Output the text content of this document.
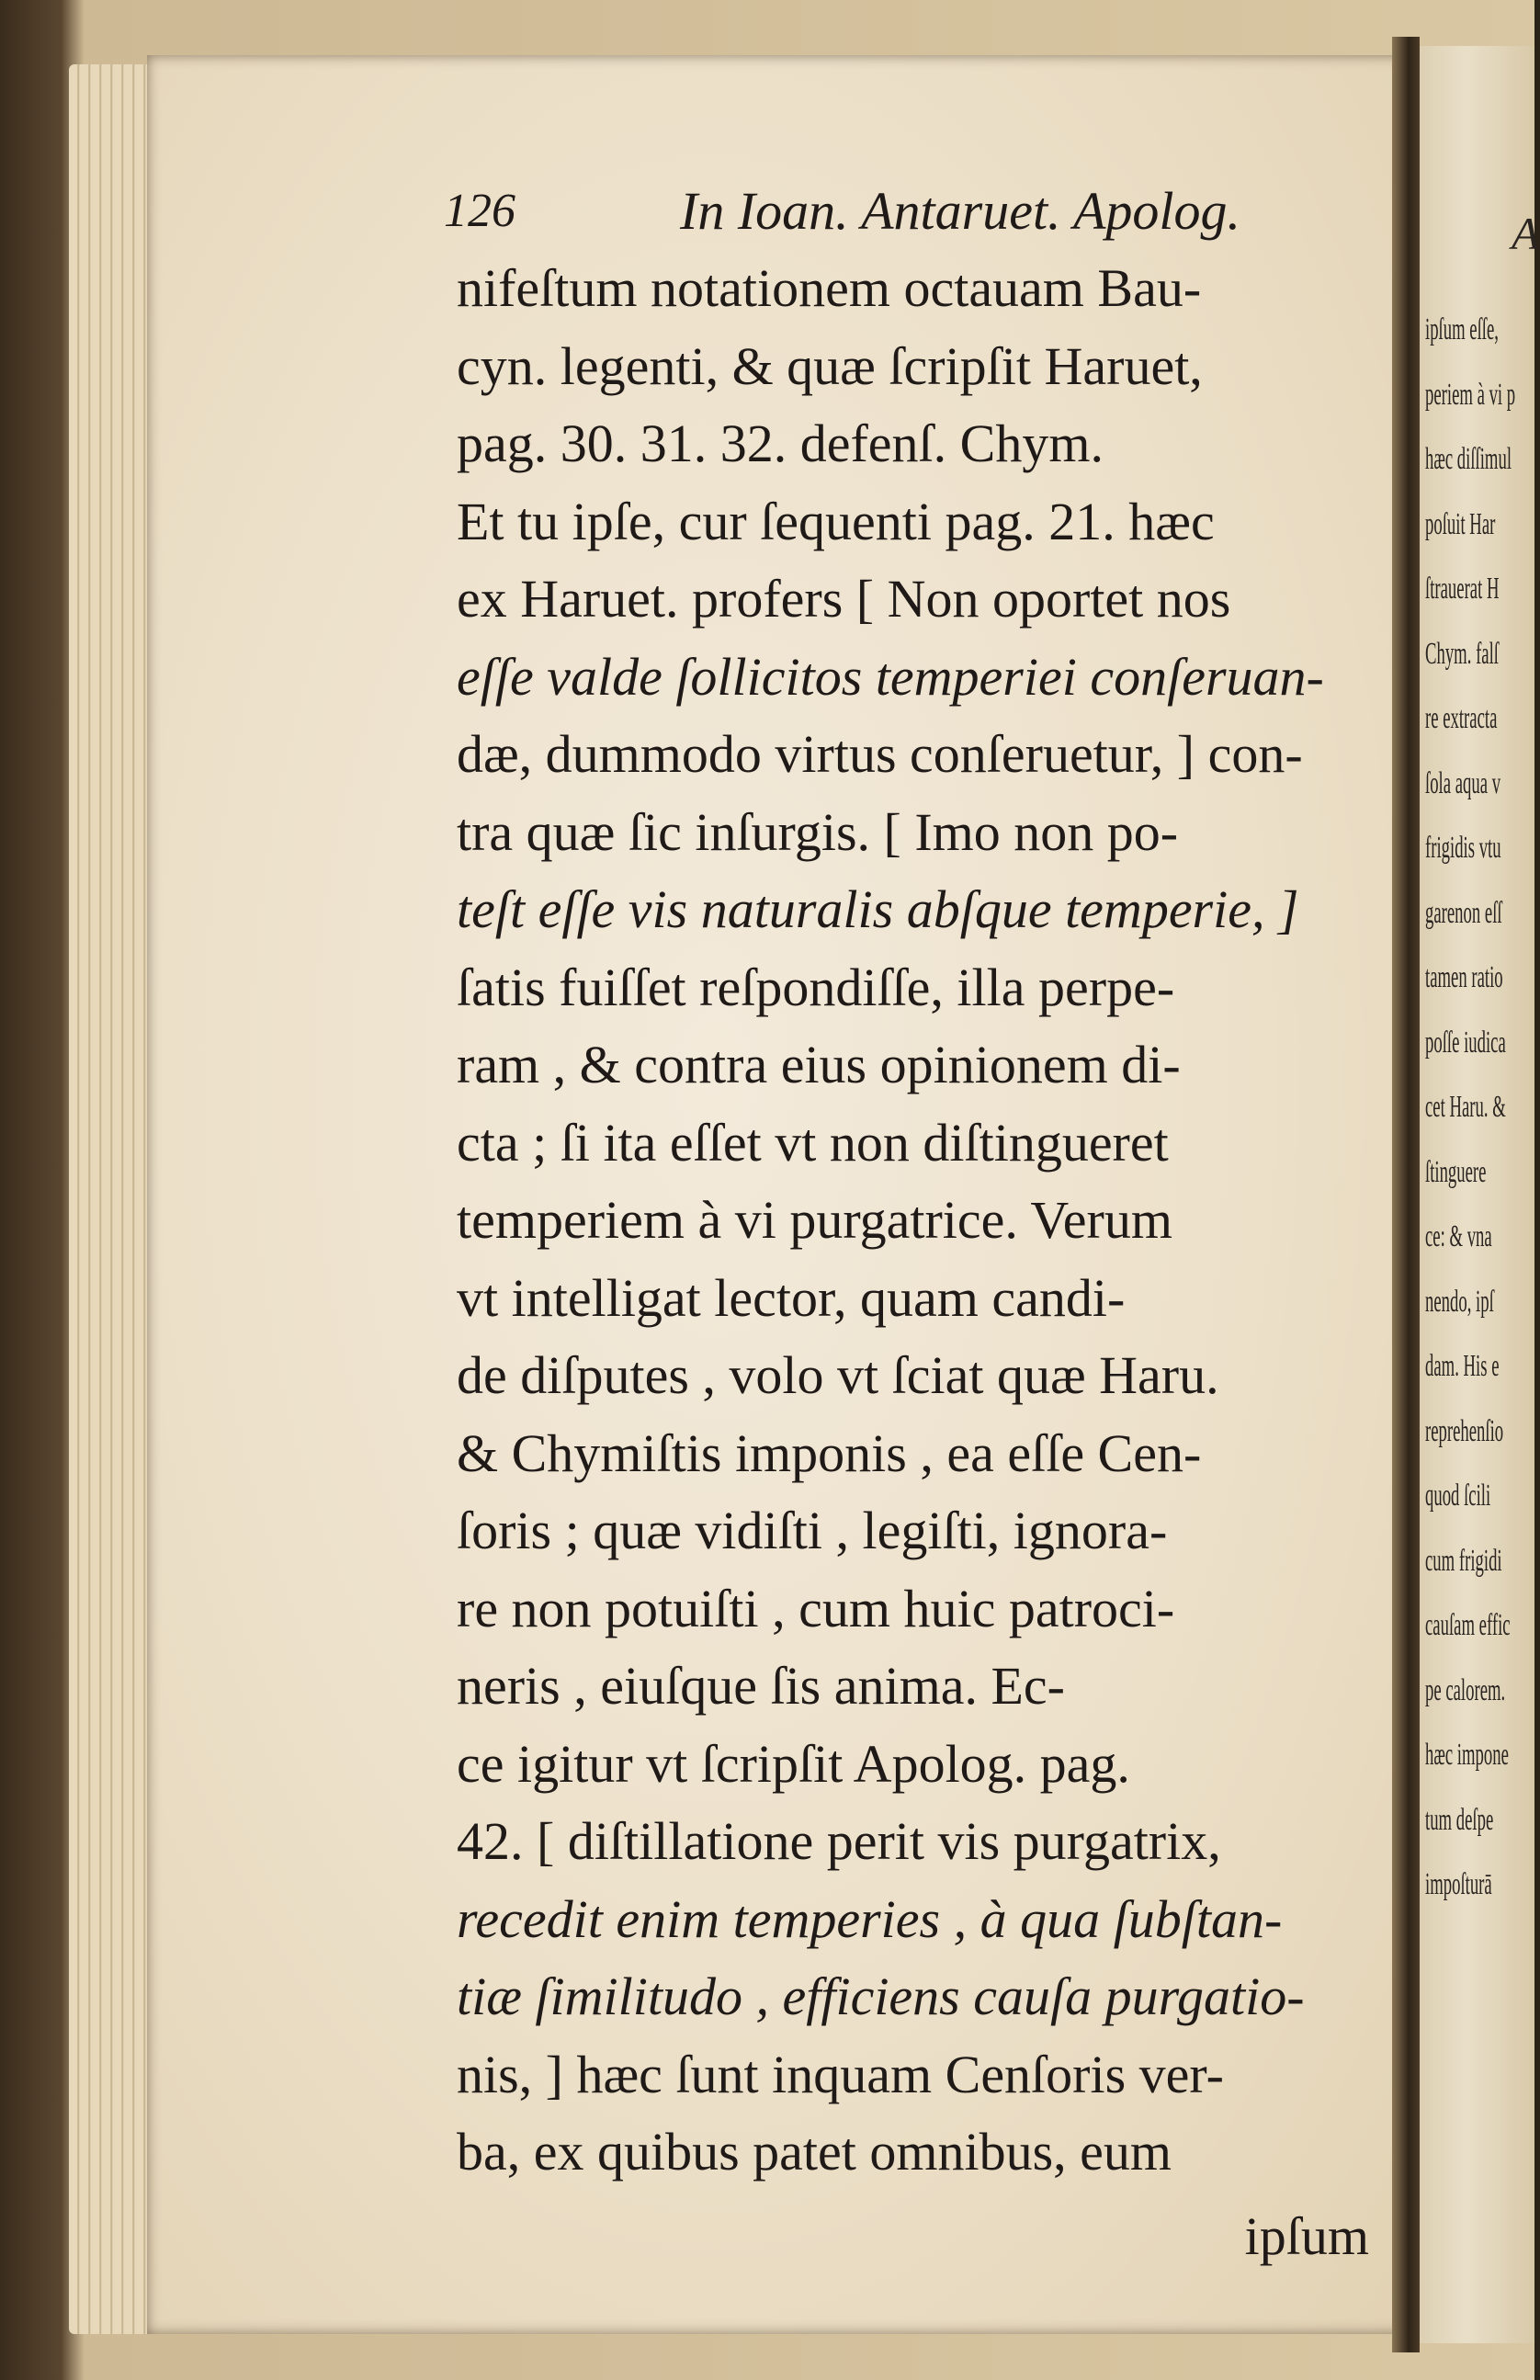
126	In Ioan. Antaruet. Apolog.
nifeſtum notationem octauam Bau-
cyn. legenti, & quæ ſcripſit Haruet,
pag. 30. 31. 32. defenſ. Chym.
Et tu ipſe, cur ſequenti pag. 21. hæc
ex Haruet. profers [ Non oportet nos
eſſe valde ſollicitos temperiei conſeruan-
dæ, dummodo virtus conſeruetur, ] con-
tra quæ ſic inſurgis. [ Imo non po-
teſt eſſe vis naturalis abſque temperie, ]
ſatis fuiſſet reſpondiſſe, illa perpe-
ram , & contra eius opinionem di-
cta ; ſi ita eſſet vt non diſtingueret
temperiem à vi purgatrice. Verum
vt intelligat lector, quam candi-
de diſputes , volo vt ſciat quæ Haru.
& Chymiſtis imponis , ea eſſe Cen-
ſoris ; quæ vidiſti , legiſti, ignora-
re non potuiſti , cum huic patroci-
neris , eiuſque ſis anima. Ec-
ce igitur vt ſcripſit Apolog. pag.
42. [ diſtillatione perit vis purgatrix,
recedit enim temperies , à qua ſubſtan-
tiæ ſimilitudo , efficiens cauſa purgatio-
nis, ] hæc ſunt inquam Cenſoris ver-
ba, ex quibus patet omnibus, eum
ipſum
A
ipſum eſſe,
periem à vi p
hæc diſſimul
poſuit Har
ſtrauerat H
Chym. falſ
re extracta
ſola aqua v
frigidis vtu
garenon eſſ
tamen ratio
poſſe iudica
cet Haru. &
ſtinguere
ce: & vna
nendo, ipſ
dam. His e
reprehenſio
quod ſcili
cum frigidi
cauſam effic
pe calorem.
hæc impone
tum deſpe
impoſturā
